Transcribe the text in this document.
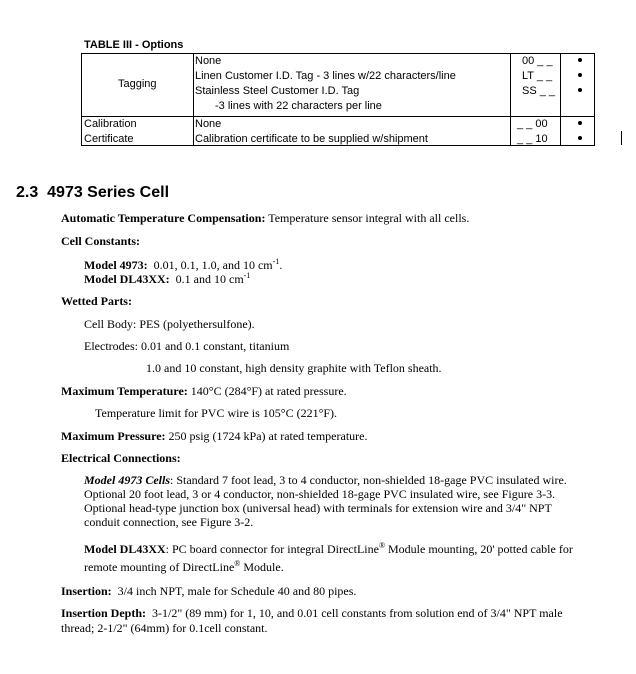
TABLE III - Options
Tagging
None
Linen Customer I.D. Tag - 3 lines w/22 characters/line
Stainless Steel Customer I.D. Tag
-3 lines with 22 characters per line
00 _ _
LT _ _
SS _ _
Calibration
Certificate
None
Calibration certificate to be supplied w/shipment
_ _ 00
_ _ 10
2.3 4973 Series Cell
Automatic Temperature Compensation: Temperature sensor integral with all cells.
Cell Constants:
Model 4973: 0.01, 0.1, 1.0, and 10 $cm^{-1}$.
Model DL43XX: 0.1 and 10 $cm^{-1}$
Wetted Parts:
Cell Body: PES (polyethersulfone).
Electrodes: 0.01 and 0.1 constant, titanium
1.0 and 10 constant, high density graphite with Teflon sheath.
Maximum Temperature: 140°C (284°F) at rated pressure.
Temperature limit for PVC wire is 105°C (221°F).
Maximum Pressure: 250 psig (1724 kPa) at rated temperature.
Electrical Connections:
Model 4973 Cells: Standard 7 foot lead, 3 to 4 conductor, non-shielded 18-gage PVC insulated wire.
Optional 20 foot lead, 3 or 4 conductor, non-shielded 18-gage PVC insulated wire, see Figure 3-3.
Optional head-type junction box (universal head) with terminals for extension wire and 3/4" NPT
conduit connection, see Figure 3-2.
Model DL43XX: PC board connector for integral DirectLine® Module mounting, 20' potted cable for
remote mounting of DirectLine® Module.
Insertion: 3/4 inch NPT, male for Schedule 40 and 80 pipes.
Insertion Depth: 3-1/2" (89 mm) for 1, 10, and 0.01 cell constants from solution end of 3/4" NPT male
thread; 2-1/2" (64mm) for 0.1cell constant.
